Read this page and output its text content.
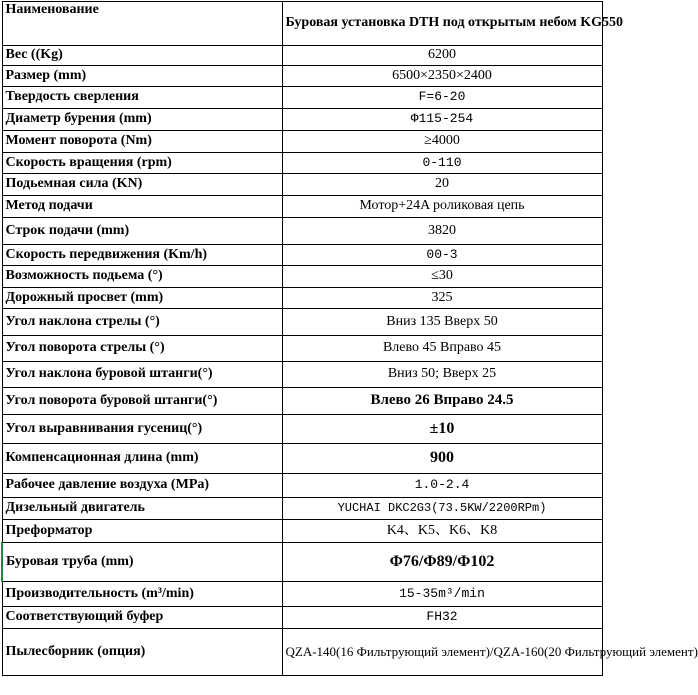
Наименование	Буровая установка DTH под открытым небом KG550
Вес ((Kg)	6200
Размер (mm)	6500×2350×2400
Твердость сверления	F=6-20
Диаметр бурения (mm)	Φ115-254
Момент поворота (Nm)	≥4000
Скорость вращения (rpm)	0-110
Подьемная сила (KN)	20
Метод подачи	Мотор+24A роликовая цепь
Строк подачи (mm)	3820
Скорость передвижения (Km/h)	00-3
Возможность подьема (°)	≤30
Дорожный просвет (mm)	325
Угол наклона стрелы (°)	Вниз 135 Вверх 50
Угол поворота стрелы (°)	Влево 45 Вправо 45
Угол наклона буровой штанги(°)	Вниз 50; Вверх 25
Угол поворота буровой штанги(°)	Влево 26 Вправо 24.5
Угол выравнивания гусениц(°)	±10
Компенсационная длина (mm)	900
Рабочее давление воздуха (MPa)	1.0-2.4
Дизельный двигатель	YUCHAI DKC2G3(73.5KW/2200RPm)
Преформатор	K4、K5、K6、K8
Буровая труба (mm)	Φ76/Φ89/Φ102
Производительность (m³/min)	15-35m³/min
Соответствующий буфер	FH32
Пылесборник (опция)	QZA-140(16 Фильтрующий элемент)/QZA-160(20 Фильтрующий элемент)
